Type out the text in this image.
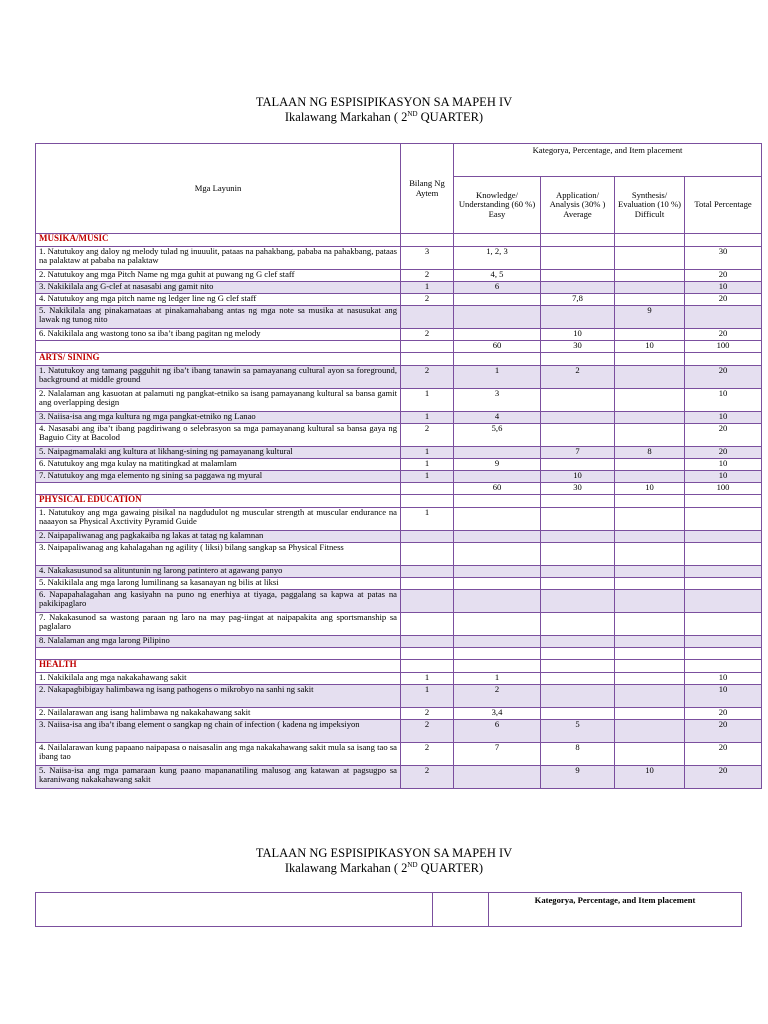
TALAAN NG ESPISIPIKASYON SA MAPEH IV
Ikalawang Markahan ( 2ND QUARTER)
Mga Layunin	Bilang Ng Aytem	Kategorya, Percentage, and Item placement			
		Knowledge/ Understanding (60 %) Easy	Application/ Analysis (30% ) Average	Synthesis/ Evaluation (10 %) Difficult	Total Percentage
MUSIKA/MUSIC					
1. Natutukoy ang daloy ng melody tulad ng inuuulit, pataas na pahakbang, pababa na pahakbang, pataas na palaktaw at pababa na palaktaw	3	1, 2, 3			30
2. Natutukoy ang mga Pitch Name ng mga guhit at puwang ng G clef staff	2	4, 5			20
3. Nakikilala ang G-clef at nasasabi ang gamit nito	1	6			10
4. Natutukoy ang mga pitch name ng ledger line ng G clef staff	2		7,8		20
5. Nakikilala ang pinakamataas at pinakamahabang antas ng mga note sa musika at nasusukat ang lawak ng tunog nito				9	
6. Nakikilala ang wastong tono sa iba’t ibang pagitan ng melody	2		10		20
		60	30	10	100
ARTS/ SINING					
1. Natutukoy ang tamang pagguhit ng iba’t ibang tanawin sa pamayanang cultural ayon sa foreground, background at middle ground	2	1	2		20
2. Nalalaman ang kasuotan at palamuti ng pangkat-etniko sa isang pamayanang kultural sa bansa gamit ang overlapping design	1	3			10
3. Naiisa-isa ang mga kultura ng mga pangkat-etniko ng Lanao	1	4			10
4. Nasasabi ang iba’t ibang pagdiriwang o selebrasyon sa mga pamayanang kultural sa bansa gaya ng Baguio City at Bacolod	2	5,6			20
5. Naipagmamalaki ang kultura at likhang-sining ng pamayanang kultural	1		7	8	20
6. Natutukoy ang mga kulay na matitingkad at malamlam	1	9			10
7. Natutukoy ang mga elemento ng sining sa paggawa ng myural	1		10		10
		60	30	10	100
PHYSICAL EDUCATION					
1. Natutukoy ang mga gawaing pisikal na nagdudulot ng muscular strength at muscular endurance na naaayon sa Physical Axctivity Pyramid Guide	1				
2. Naipapaliwanag ang pagkakaiba ng lakas at tatag ng kalamnan					
3. Naipapaliwanag ang kahalagahan ng agility ( liksi) bilang sangkap sa Physical Fitness					
4. Nakakasusunod sa alituntunin ng larong patintero at agawang panyo					
5. Nakikilala ang mga larong lumilinang sa kasanayan ng bilis at liksi					
6. Napapahalagahan ang kasiyahn na puno ng enerhiya at tiyaga, paggalang sa kapwa at patas na pakikipaglaro					
7. Nakakasunod sa wastong paraan ng laro na may pag-iingat at naipapakita ang sportsmanship sa paglalaro					
8. Nalalaman ang mga larong Pilipino					

HEALTH					
1. Nakikilala ang mga nakakahawang sakit	1	1			10
2. Nakapagbibigay halimbawa ng isang pathogens o mikrobyo na sanhi ng sakit	1	2			10
2. Nailalarawan ang isang halimbawa ng nakakahawang sakit	2	3,4			20
3. Naiisa-isa ang iba’t ibang element o sangkap ng chain of infection ( kadena ng impeksiyon	2	6	5		20
4. Nailalarawan kung papaano naipapasa o naisasalin ang mga nakakahawang sakit mula sa isang tao sa ibang tao	2	7	8		20
5. Naiisa-isa ang mga pamaraan kung paano mapananatiling malusog ang katawan at pagsugpo sa karaniwang nakakahawang sakit	2		9	10	20
TALAAN NG ESPISIPIKASYON SA MAPEH IV
Ikalawang Markahan ( 2ND QUARTER)
		Kategorya, Percentage, and Item placement
